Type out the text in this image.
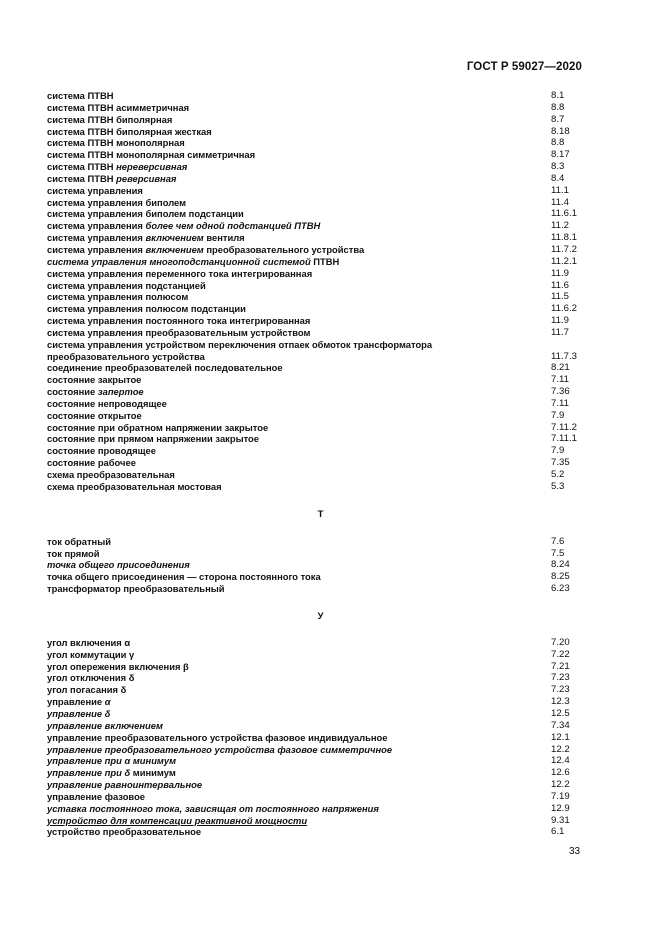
ГОСТ Р 59027—2020
система ПТВН	8.1
система ПТВН асимметричная	8.8
система ПТВН биполярная	8.7
система ПТВН биполярная жесткая	8.18
система ПТВН монополярная	8.8
система ПТВН монополярная симметричная	8.17
система ПТВН нереверсивная	8.3
система ПТВН реверсивная	8.4
система управления	11.1
система управления биполем	11.4
система управления биполем подстанции	11.6.1
система управления более чем одной подстанцией ПТВН	11.2
система управления включением вентиля	11.8.1
система управления включением преобразовательного устройства	11.7.2
система управления многоподстанционной системой ПТВН	11.2.1
система управления переменного тока интегрированная	11.9
система управления подстанцией	11.6
система управления полюсом	11.5
система управления полюсом подстанции	11.6.2
система управления постоянного тока интегрированная	11.9
система управления преобразовательным устройством	11.7
система управления устройством переключения отпаек обмоток трансформатора преобразовательного устройства	11.7.3
соединение преобразователей последовательное	8.21
состояние закрытое	7.11
состояние запертое	7.36
состояние непроводящее	7.11
состояние открытое	7.9
состояние при обратном напряжении закрытое	7.11.2
состояние при прямом напряжении закрытое	7.11.1
состояние проводящее	7.9
состояние рабочее	7.35
схема преобразовательная	5.2
схема преобразовательная мостовая	5.3
Т
ток обратный	7.6
ток прямой	7.5
точка общего присоединения	8.24
точка общего присоединения — сторона постоянного тока	8.25
трансформатор преобразовательный	6.23
У
угол включения α	7.20
угол коммутации γ	7.22
угол опережения включения β	7.21
угол отключения δ	7.23
угол погасания δ	7.23
управление α	12.3
управление δ	12.5
управление включением	7.34
управление преобразовательного устройства фазовое индивидуальное	12.1
управление преобразовательного устройства фазовое симметричное	12.2
управление при α минимум	12.4
управление при δ минимум	12.6
управление равноинтервальное	12.2
управление фазовое	7.19
уставка постоянного тока, зависящая от постоянного напряжения	12.9
устройство для компенсации реактивной мощности	9.31
устройство преобразовательное	6.1
33
